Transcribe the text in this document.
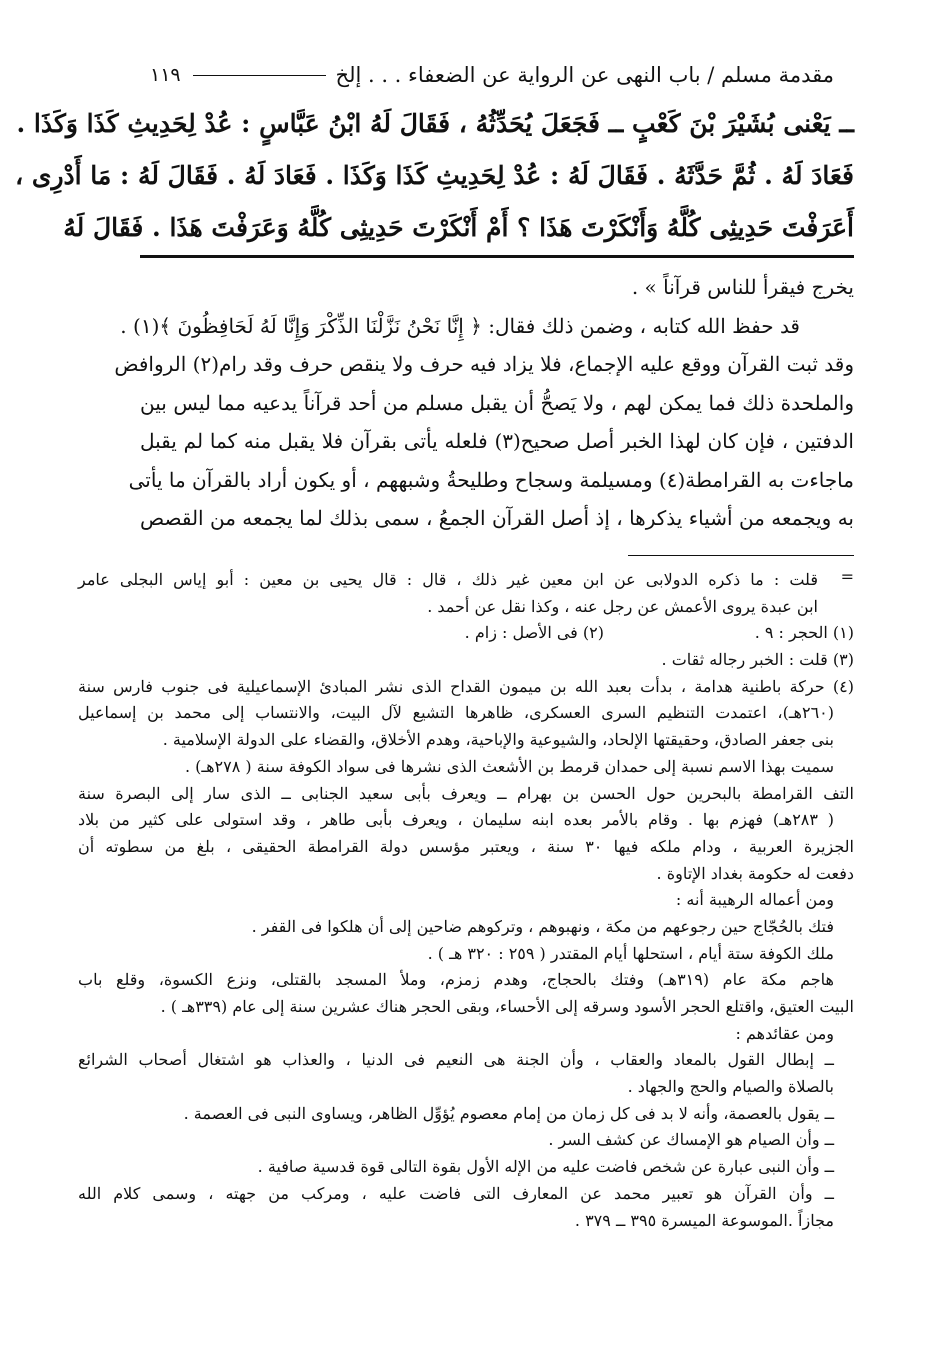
مقدمة مسلم / باب النهى عن الرواية عن الضعفاء . . . إلخ
١١٩
ــ يَعْنى بُشَيْرَ بْنَ كَعْبٍ ــ فَجَعَلَ يُحَدِّثُهُ ، فَقَالَ لَهُ ابْنُ عَبَّاسٍ : عُدْ لِحَدِيثِ كَذَا وَكَذَا .
فَعَادَ لَهُ . ثُمَّ حَدَّثَهُ . فَقَالَ لَهُ : عُدْ لِحَدِيثِ كَذَا وَكَذَا . فَعَادَ لَهُ . فَقَالَ لَهُ : مَا أَدْرِى ،
أَعَرَفْتَ حَدِيثِى كُلَّهُ وَأَنْكَرْتَ هَذَا ؟ أَمْ أَنْكَرْتَ حَدِيثِى كُلَّهُ وَعَرَفْتَ هَذَا . فَقَالَ لَهُ
يخرج فيقرأ للناس قرآناً » .
قد حفظ الله كتابه ، وضمن ذلك فقال: ﴿ إِنَّا نَحْنُ نَزَّلْنَا الذِّكْرَ وَإِنَّا لَهُ لَحَافِظُونَ ﴾(١) .
وقد ثبت القرآن ووقع عليه الإجماع، فلا يزاد فيه حرف ولا ينقص حرف وقد رام(٢) الروافض
والملحدة ذلك فما يمكن لهم ، ولا يَصحُّ أن يقبل مسلم من أحد قرآناً يدعيه مما ليس بين
الدفتين ، فإن كان لهذا الخبر أصل صحيح(٣) فلعله يأتى بقرآن فلا يقبل منه كما لم يقبل
ماجاءت به القرامطة(٤) ومسيلمة وسجاح وطليحةُ وشبههم ، أو يكون أراد بالقرآن ما يأتى
به ويجمعه من أشياء يذكرها ، إذ أصل القرآن الجمعُ ، سمى بذلك لما يجمعه من القصص
=
قلت : ما ذكره الدولابى عن ابن معين غير ذلك ، قال : قال يحيى بن معين : أبو إياس البجلى عامر
ابن عبدة يروى الأعمش عن رجل عنه ، وكذا نقل عن أحمد .
(١) الحجر : ٩ .
(٢) فى الأصل : زام .
(٣) قلت : الخبر رجاله ثقات .
(٤) حركة باطنية هدامة ، بدأت بعبد الله بن ميمون القداح الذى نشر المبادئ الإسماعيلية فى جنوب فارس سنة
(٢٦٠هـ)، اعتمدت التنظيم السرى العسكرى، ظاهرها التشيع لآل البيت، والانتساب إلى محمد بن إسماعيل
بنى جعفر الصادق، وحقيقتها الإلحاد، والشيوعية والإباحية، وهدم الأخلاق، والقضاء على الدولة الإسلامية .
سميت بهذا الاسم نسبة إلى حمدان قرمط بن الأشعث الذى نشرها فى سواد الكوفة سنة ( ٢٧٨هـ) .
التف القرامطة بالبحرين حول الحسن بن بهرام ــ ويعرف بأبى سعيد الجنابى ــ الذى سار إلى البصرة سنة
( ٢٨٣هـ) فهزم بها . وقام بالأمر بعده ابنه سليمان ، ويعرف بأبى طاهر ، وقد استولى على كثير من بلاد
الجزيرة العربية ، ودام ملكه فيها ٣٠ سنة ، ويعتبر مؤسس دولة القرامطة الحقيقى ، بلغ من سطوته أن
دفعت له حكومة بغداد الإتاوة .
ومن أعماله الرهيبة أنه :
فتك بالحُجّاج حين رجوعهم من مكة ، ونهبوهم ، وتركوهم ضاحين إلى أن هلكوا فى القفر .
ملك الكوفة ستة أيام ، استحلها أيام المقتدر ( ٢٥٩ : ٣٢٠ هـ ) .
هاجم مكة عام (٣١٩هـ) وفتك بالحجاج، وهدم زمزم، وملأ المسجد بالقتلى، ونزع الكسوة، وقلع باب
البيت العتيق، واقتلع الحجر الأسود وسرقه إلى الأحساء، وبقى الحجر هناك عشرين سنة إلى عام (٣٣٩هـ ) .
ومن عقائدهم :
ــ إبطال القول بالمعاد والعقاب ، وأن الجنة هى النعيم فى الدنيا ، والعذاب هو اشتغال أصحاب الشرائع
بالصلاة والصيام والحج والجهاد .
ــ يقول بالعصمة، وأنه لا بد فى كل زمان من إمام معصوم يُؤوِّل الظاهر، ويساوى النبى فى العصمة .
ــ وأن الصيام هو الإمساك عن كشف السر .
ــ وأن النبى عبارة عن شخص فاضت عليه من الإله الأول بقوة التالى قوة قدسية صافية .
ــ وأن القرآن هو تعبير محمد عن المعارف التى فاضت عليه ، ومركب من جهته ، وسمى كلام الله
مجازاً .الموسوعة الميسرة ٣٩٥ ــ ٣٧٩ .
